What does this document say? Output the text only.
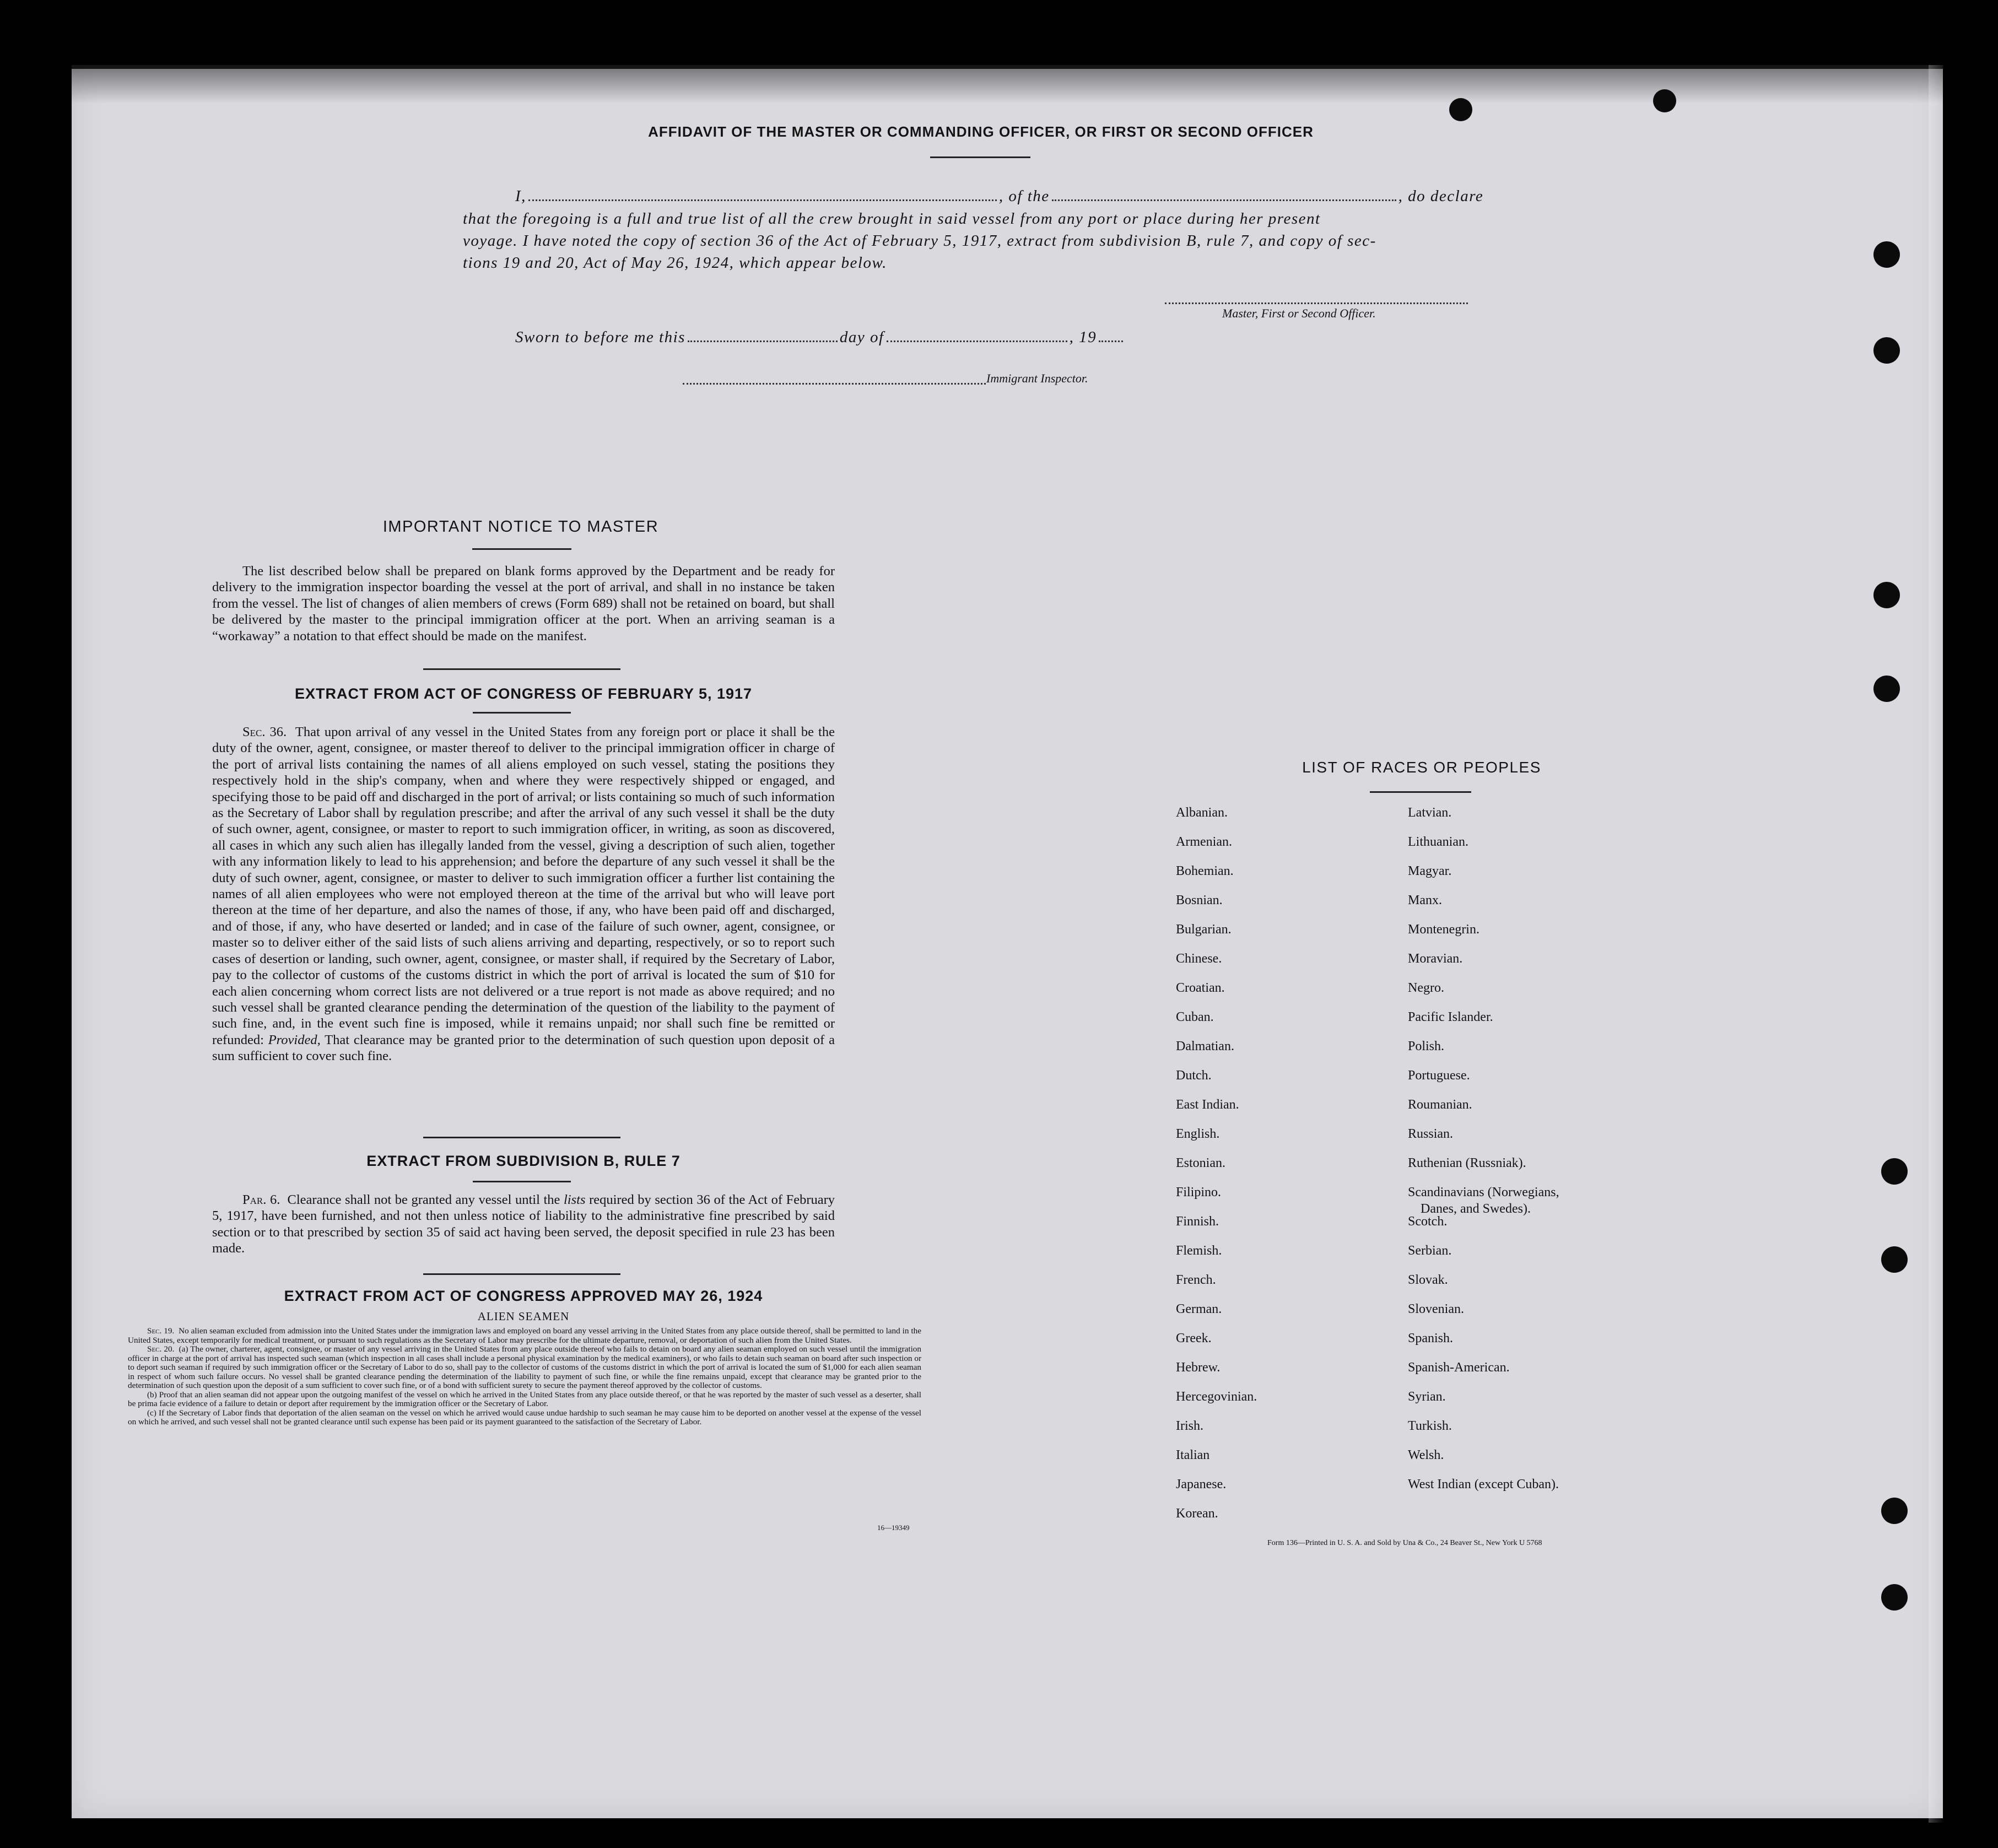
AFFIDAVIT OF THE MASTER OR COMMANDING OFFICER, OR FIRST OR SECOND OFFICER
I,	, of the	, do declare
that the foregoing is a full and true list of all the crew brought in said vessel from any port or place during her present
voyage. I have noted the copy of section 36 of the Act of February 5, 1917, extract from subdivision B, rule 7, and copy of sec-
tions 19 and 20, Act of May 26, 1924, which appear below.
Master, First or Second Officer.
Sworn to before me this	day of	, 19
Immigrant Inspector.
IMPORTANT NOTICE TO MASTER

The list described below shall be prepared on blank forms approved by the Department and be ready for delivery to the immigration inspector boarding the vessel at the port of arrival, and shall in no instance be taken from the vessel. The list of changes of alien members of crews (Form 689) shall not be retained on board, but shall be delivered by the master to the principal immigration officer at the port. When an arriving seaman is a “workaway” a notation to that effect should be made on the manifest.

EXTRACT FROM ACT OF CONGRESS OF FEBRUARY 5, 1917

Sec. 36. That upon arrival of any vessel in the United States from any foreign port or place it shall be the duty of the owner, agent, consignee, or master thereof to deliver to the principal immigration officer in charge of the port of arrival lists containing the names of all aliens employed on such vessel, stating the positions they respectively hold in the ship's company, when and where they were respectively shipped or engaged, and specifying those to be paid off and discharged in the port of arrival; or lists containing so much of such information as the Secretary of Labor shall by regulation prescribe; and after the arrival of any such vessel it shall be the duty of such owner, agent, consignee, or master to report to such immigration officer, in writing, as soon as discovered, all cases in which any such alien has illegally landed from the vessel, giving a description of such alien, together with any information likely to lead to his apprehension; and before the departure of any such vessel it shall be the duty of such owner, agent, consignee, or master to deliver to such immigration officer a further list containing the names of all alien employees who were not employed thereon at the time of the arrival but who will leave port thereon at the time of her departure, and also the names of those, if any, who have been paid off and discharged, and of those, if any, who have deserted or landed; and in case of the failure of such owner, agent, consignee, or master so to deliver either of the said lists of such aliens arriving and departing, respectively, or so to report such cases of desertion or landing, such owner, agent, consignee, or master shall, if required by the Secretary of Labor, pay to the collector of customs of the customs district in which the port of arrival is located the sum of $10 for each alien concerning whom correct lists are not delivered or a true report is not made as above required; and no such vessel shall be granted clearance pending the determination of the question of the liability to the payment of such fine, and, in the event such fine is imposed, while it remains unpaid; nor shall such fine be remitted or refunded: Provided, That clearance may be granted prior to the determination of such question upon deposit of a sum sufficient to cover such fine.

EXTRACT FROM SUBDIVISION B, RULE 7

Par. 6. Clearance shall not be granted any vessel until the lists required by section 36 of the Act of February 5, 1917, have been furnished, and not then unless notice of liability to the administrative fine prescribed by said section or to that prescribed by section 35 of said act having been served, the deposit specified in rule 23 has been made.

EXTRACT FROM ACT OF CONGRESS APPROVED MAY 26, 1924
ALIEN SEAMEN

Sec. 19. No alien seaman excluded from admission into the United States under the immigration laws and employed on board any vessel arriving in the United States from any place outside thereof, shall be permitted to land in the United States, except temporarily for medical treatment, or pursuant to such regulations as the Secretary of Labor may prescribe for the ultimate departure, removal, or deportation of such alien from the United States.

Sec. 20. (a) The owner, charterer, agent, consignee, or master of any vessel arriving in the United States from any place outside thereof who fails to detain on board any alien seaman employed on such vessel until the immigration officer in charge at the port of arrival has inspected such seaman (which inspection in all cases shall include a personal physical examination by the medical examiners), or who fails to detain such seaman on board after such inspection or to deport such seaman if required by such immigration officer or the Secretary of Labor to do so, shall pay to the collector of customs of the customs district in which the port of arrival is located the sum of $1,000 for each alien seaman in respect of whom such failure occurs. No vessel shall be granted clearance pending the determination of the liability to payment of such fine, or while the fine remains unpaid, except that clearance may be granted prior to the determination of such question upon the deposit of a sum sufficient to cover such fine, or of a bond with sufficient surety to secure the payment thereof approved by the collector of customs.

(b) Proof that an alien seaman did not appear upon the outgoing manifest of the vessel on which he arrived in the United States from any place outside thereof, or that he was reported by the master of such vessel as a deserter, shall be prima facie evidence of a failure to detain or deport after requirement by the immigration officer or the Secretary of Labor.

(c) If the Secretary of Labor finds that deportation of the alien seaman on the vessel on which he arrived would cause undue hardship to such seaman he may cause him to be deported on another vessel at the expense of the vessel on which he arrived, and such vessel shall not be granted clearance until such expense has been paid or its payment guaranteed to the satisfaction of the Secretary of Labor.

16—19349
LIST OF RACES OR PEOPLES
Albanian.
Armenian.
Bohemian.
Bosnian.
Bulgarian.
Chinese.
Croatian.
Cuban.
Dalmatian.
Dutch.
East Indian.
English.
Estonian.
Filipino.
Finnish.
Flemish.
French.
German.
Greek.
Hebrew.
Hercegovinian.
Irish.
Italian
Japanese.
Korean.
Latvian.
Lithuanian.
Magyar.
Manx.
Montenegrin.
Moravian.
Negro.
Pacific Islander.
Polish.
Portuguese.
Roumanian.
Russian.
Ruthenian (Russniak).
Scandinavians (Norwegians,
Danes, and Swedes).
Scotch.
Serbian.
Slovak.
Slovenian.
Spanish.
Spanish-American.
Syrian.
Turkish.
Welsh.
West Indian (except Cuban).
Form 136—Printed in U. S. A. and Sold by Una & Co., 24 Beaver St., New York U 5768
